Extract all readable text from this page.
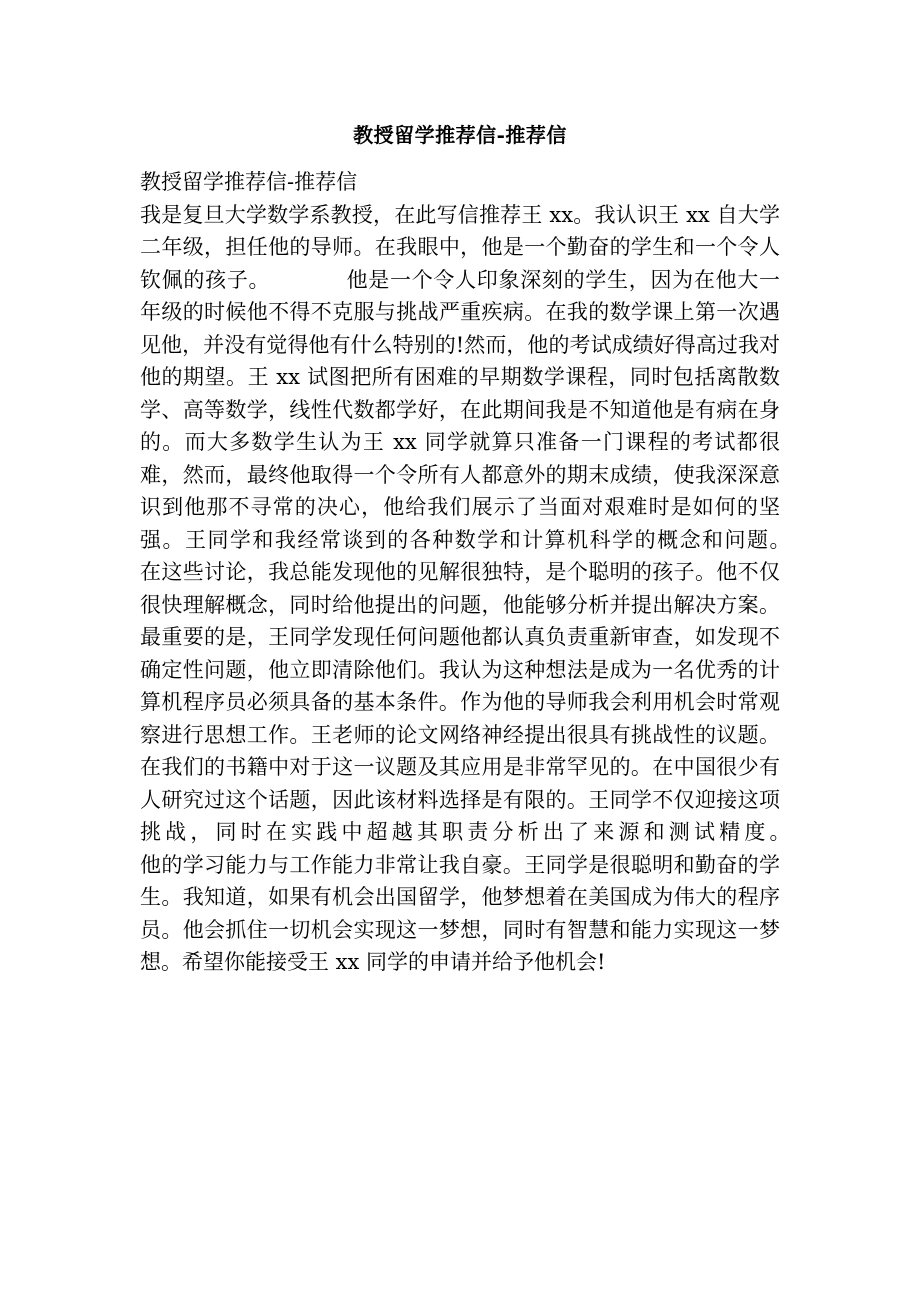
教授留学推荐信-推荐信

教授留学推荐信-推荐信

我是复旦大学数学系教授，在此写信推荐王 xx。我认识王 xx 自大学二年级，担任他的导师。在我眼中，他是一个勤奋的学生和一个令人钦佩的孩子。　　　　他是一个令人印象深刻的学生，因为在他大一年级的时候他不得不克服与挑战严重疾病。在我的数学课上第一次遇见他，并没有觉得他有什么特别的!然而，他的考试成绩好得高过我对他的期望。王 xx 试图把所有困难的早期数学课程，同时包括离散数学、高等数学，线性代数都学好，在此期间我是不知道他是有病在身的。而大多数学生认为王 xx 同学就算只准备一门课程的考试都很难，然而，最终他取得一个令所有人都意外的期末成绩，使我深深意识到他那不寻常的决心，他给我们展示了当面对艰难时是如何的坚强。王同学和我经常谈到的各种数学和计算机科学的概念和问题。　　　　在这些讨论，我总能发现他的见解很独特，是个聪明的孩子。他不仅很快理解概念，同时给他提出的问题，他能够分析并提出解决方案。最重要的是，王同学发现任何问题他都认真负责重新审查，如发现不确定性问题，他立即清除他们。我认为这种想法是成为一名优秀的计算机程序员必须具备的基本条件。作为他的导师我会利用机会时常观察进行思想工作。王老师的论文网络神经提出很具有挑战性的议题。在我们的书籍中对于这一议题及其应用是非常罕见的。在中国很少有人研究过这个话题，因此该材料选择是有限的。王同学不仅迎接这项挑战，同时在实践中超越其职责分析出了来源和测试精度。　　　　他的学习能力与工作能力非常让我自豪。王同学是很聪明和勤奋的学生。我知道，如果有机会出国留学，他梦想着在美国成为伟大的程序员。他会抓住一切机会实现这一梦想，同时有智慧和能力实现这一梦想。希望你能接受王 xx 同学的申请并给予他机会!
